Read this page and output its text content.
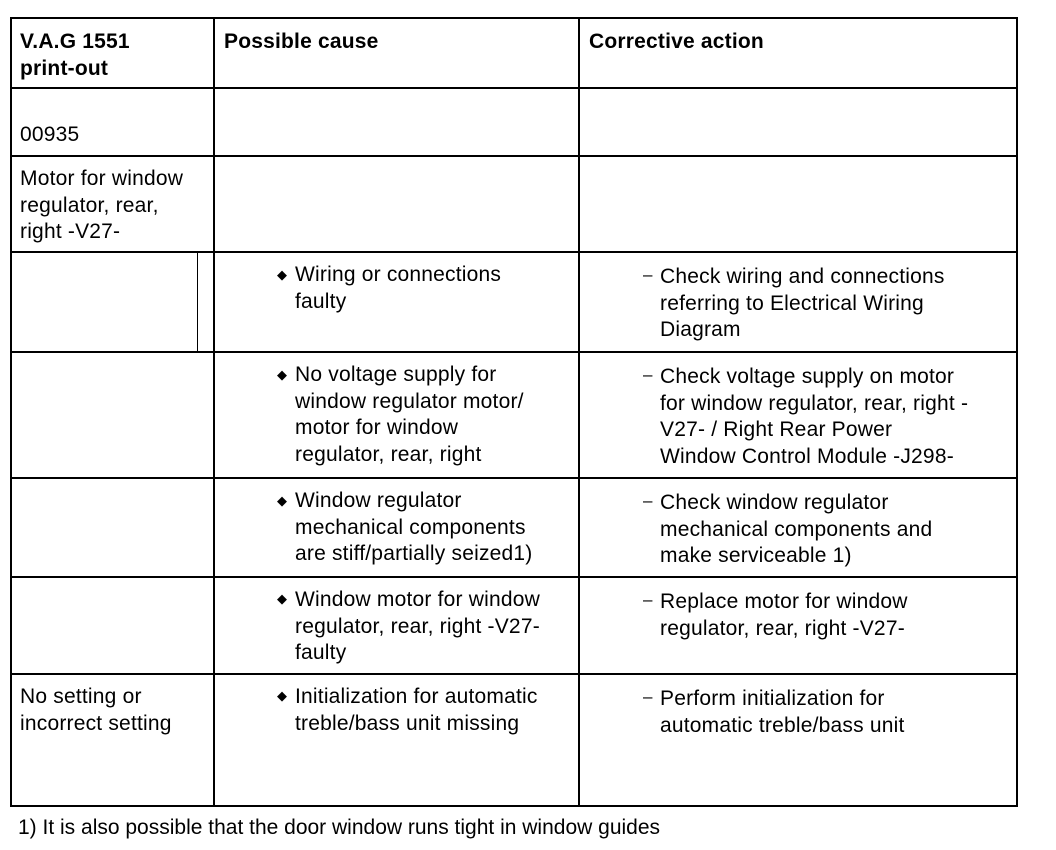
V.A.G 1551
print-out
Possible cause	Corrective action
00935
Motor for window
regulator, rear,
right -V27-
◆ Wiring or connections
faulty
– Check wiring and connections
referring to Electrical Wiring
Diagram
◆ No voltage supply for
window regulator motor/
motor for window
regulator, rear, right
– Check voltage supply on motor
for window regulator, rear, right -
V27- / Right Rear Power
Window Control Module -J298-
◆ Window regulator
mechanical components
are stiff/partially seized1)
– Check window regulator
mechanical components and
make serviceable 1)
◆ Window motor for window
regulator, rear, right -V27-
faulty
– Replace motor for window
regulator, rear, right -V27-
No setting or
incorrect setting
◆ Initialization for automatic
treble/bass unit missing
– Perform initialization for
automatic treble/bass unit
1) It is also possible that the door window runs tight in window guides
